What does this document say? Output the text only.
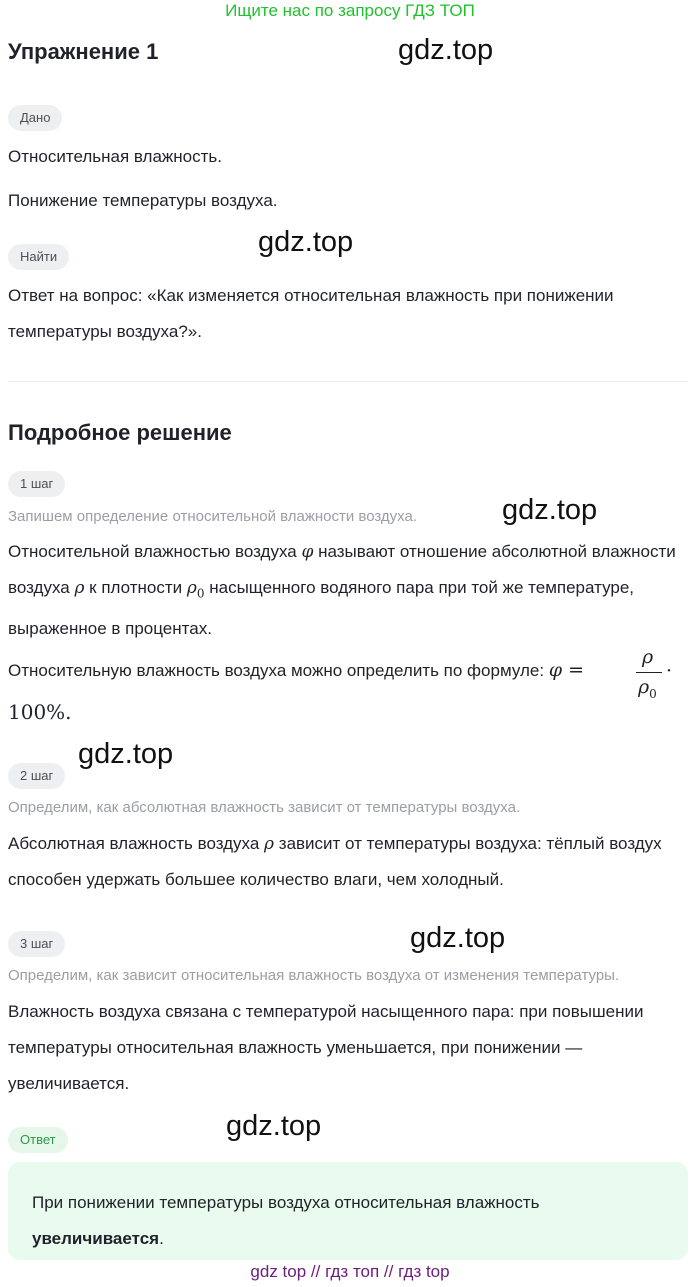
Ищите нас по запросу ГДЗ ТОП
Упражнение 1	gdz.top
Дано
Относительная влажность.
Понижение температуры воздуха.
gdz.top
Найти
Ответ на вопрос: «Как изменяется относительная влажность при понижении температуры воздуха?».
Подробное решение
1 шаг
gdz.top
Запишем определение относительной влажности воздуха.
Относительной влажностью воздуха φ называют отношение абсолютной влажности воздуха ρ к плотности $\rho_0$ насыщенного водяного пара при той же температуре, выраженное в процентах.
Относительную влажность воздуха можно определить по формуле: φ =
ρ
$\rho_0$
·
100%.
gdz.top
2 шаг
Определим, как абсолютная влажность зависит от температуры воздуха.
Абсолютная влажность воздуха ρ зависит от температуры воздуха: тёплый воздух способен удержать большее количество влаги, чем холодный.
3 шаг	gdz.top
Определим, как зависит относительная влажность воздуха от изменения температуры.
Влажность воздуха связана с температурой насыщенного пара: при повышении температуры относительная влажность уменьшается, при понижении — увеличивается.
Ответ	gdz.top
При понижении температуры воздуха относительная влажность увеличивается.
gdz top // гдз топ // гдз top
